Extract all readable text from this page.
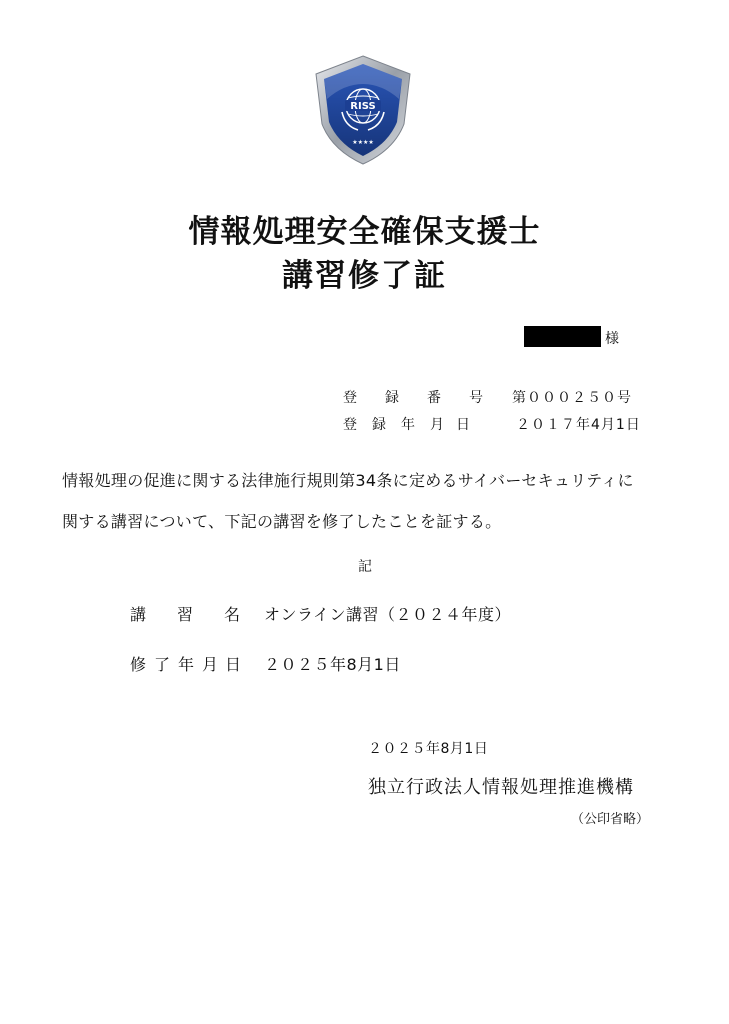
RISS
★★★★
情報処理安全確保支援士
講習修了証
様
登 録 番 号 第０００２５０号
登 録 年 月 日	２０１７年4月1日
情報処理の促進に関する法律施行規則第34条に定めるサイバーセキュリティに
関する講習について、下記の講習を修了したことを証する。
記
講 習 名 オンライン講習（２０２４年度）
修 了 年 月 日 ２０２５年8月1日
２０２５年8月1日
独立行政法人情報処理推進機構
（公印省略）
